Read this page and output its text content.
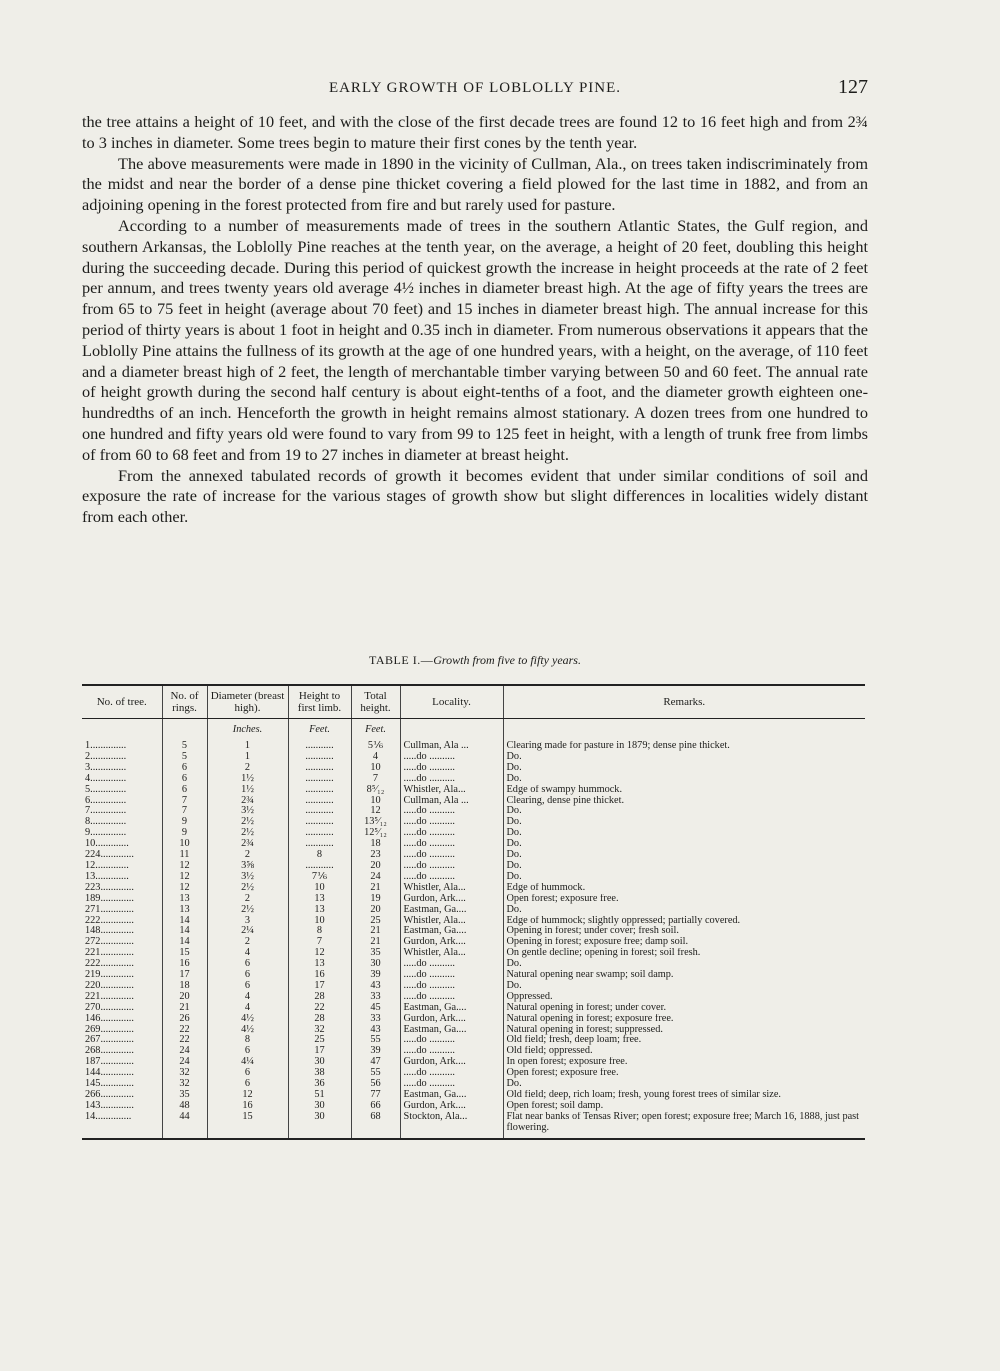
EARLY GROWTH OF LOBLOLLY PINE.	127

the tree attains a height of 10 feet, and with the close of the first decade trees are found 12 to 16 feet high and from 2¾ to 3 inches in diameter. Some trees begin to mature their first cones by the tenth year.

The above measurements were made in 1890 in the vicinity of Cullman, Ala., on trees taken indiscriminately from the midst and near the border of a dense pine thicket covering a field plowed for the last time in 1882, and from an adjoining opening in the forest protected from fire and but rarely used for pasture.

According to a number of measurements made of trees in the southern Atlantic States, the Gulf region, and southern Arkansas, the Loblolly Pine reaches at the tenth year, on the average, a height of 20 feet, doubling this height during the succeeding decade. During this period of quickest growth the increase in height proceeds at the rate of 2 feet per annum, and trees twenty years old average 4½ inches in diameter breast high. At the age of fifty years the trees are from 65 to 75 feet in height (average about 70 feet) and 15 inches in diameter breast high. The annual increase for this period of thirty years is about 1 foot in height and 0.35 inch in diameter. From numerous observations it appears that the Loblolly Pine attains the fullness of its growth at the age of one hundred years, with a height, on the average, of 110 feet and a diameter breast high of 2 feet, the length of merchantable timber varying between 50 and 60 feet. The annual rate of height growth during the second half century is about eight-tenths of a foot, and the diameter growth eighteen one-hundredths of an inch. Henceforth the growth in height remains almost stationary. A dozen trees from one hundred to one hundred and fifty years old were found to vary from 99 to 125 feet in height, with a length of trunk free from limbs of from 60 to 68 feet and from 19 to 27 inches in diameter at breast height.

From the annexed tabulated records of growth it becomes evident that under similar conditions of soil and exposure the rate of increase for the various stages of growth show but slight differences in localities widely distant from each other.

TABLE I.—Growth from five to fifty years.
No. of tree.	No. of rings.	Diameter (breast high).	Height to first limb.	Total height.	Locality.	Remarks.
		Inches.	Feet.	Feet.		
1..............	5	1	...........	5⅙	Cullman, Ala ...	Clearing made for pasture in 1879; dense pine thicket.
2..............	5	1	...........	4	.....do ..........	Do.
3..............	6	2	...........	10	.....do ..........	Do.
4..............	6	1½	...........	7	.....do ..........	Do.
5..............	6	1½	...........	8⁵⁄₁₂	Whistler, Ala...	Edge of swampy hummock.
6..............	7	2¾	...........	10	Cullman, Ala ...	Clearing, dense pine thicket.
7..............	7	3½	...........	12	.....do ..........	Do.
8..............	9	2½	...........	13⁵⁄₁₂	.....do ..........	Do.
9..............	9	2½	...........	12⁵⁄₁₂	.....do ..........	Do.
10.............	10	2¾	...........	18	.....do ..........	Do.
224.............	11	2	8	23	.....do ..........	Do.
12.............	12	3⅝	...........	20	.....do ..........	Do.
13.............	12	3½	7⅙	24	.....do ..........	Do.
223.............	12	2½	10	21	Whistler, Ala...	Edge of hummock.
189.............	13	2	13	19	Gurdon, Ark....	Open forest; exposure free.
271.............	13	2½	13	20	Eastman, Ga....	Do.
222.............	14	3	10	25	Whistler, Ala...	Edge of hummock; slightly oppressed; partially covered.
148.............	14	2¼	8	21	Eastman, Ga....	Opening in forest; under cover; fresh soil.
272.............	14	2	7	21	Gurdon, Ark....	Opening in forest; exposure free; damp soil.
221.............	15	4	12	35	Whistler, Ala...	On gentle decline; opening in forest; soil fresh.
222.............	16	6	13	30	.....do ..........	Do.
219.............	17	6	16	39	.....do ..........	Natural opening near swamp; soil damp.
220.............	18	6	17	43	.....do ..........	Do.
221.............	20	4	28	33	.....do ..........	Oppressed.
270.............	21	4	22	45	Eastman, Ga....	Natural opening in forest; under cover.
146.............	26	4½	28	33	Gurdon, Ark....	Natural opening in forest; exposure free.
269.............	22	4½	32	43	Eastman, Ga....	Natural opening in forest; suppressed.
267.............	22	8	25	55	.....do ..........	Old field; fresh, deep loam; free.
268.............	24	6	17	39	.....do ..........	Old field; oppressed.
187.............	24	4¼	30	47	Gurdon, Ark....	In open forest; exposure free.
144.............	32	6	38	55	.....do ..........	Open forest; exposure free.
145.............	32	6	36	56	.....do ..........	Do.
266.............	35	12	51	77	Eastman, Ga....	Old field; deep, rich loam; fresh, young forest trees of similar size.
143.............	48	16	30	66	Gurdon, Ark....	Open forest; soil damp.
14..............	44	15	30	68	Stockton, Ala...	Flat near banks of Tensas River; open forest; exposure free; March 16, 1888, just past flowering.
